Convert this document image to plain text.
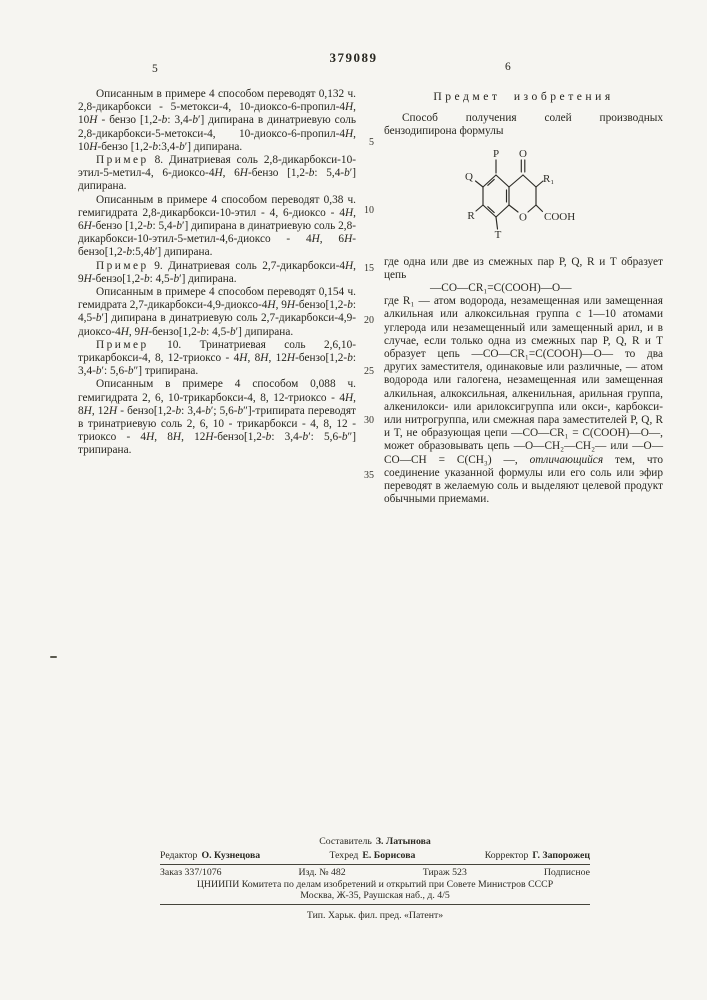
379089
5	6

Описанным в примере 4 способом переводят 0,132 ч. 2,8-дикарбокси - 5-метокси-4, 10-диоксо-6-пропил-4H, 10H - бензо [1,2-b: 3,4-b′] дипирана в динатриевую соль 2,8-дикарбокси-5-метокси-4, 10-диоксо-6-пропил-4H, 10H-бензо [1,2-b:3,4-b′] дипирана.

Пример 8. Динатриевая соль 2,8-дикарбокси-10-этил-5-метил-4, 6-диоксо-4H, 6H-бензо [1,2-b: 5,4-b′] дипирана.

Описанным в примере 4 способом переводят 0,38 ч. гемигидрата 2,8-дикарбокси-10-этил - 4, 6-диоксо - 4H, 6H-бензо [1,2-b: 5,4-b′] дипирана в динатриевую соль 2,8-дикарбокси-10-этил-5-метил-4,6-диоксо - 4H, 6H-бензо[1,2-b:5,4b′] дипирана.

Пример 9. Динатриевая соль 2,7-дикарбокси-4H, 9H-бензо[1,2-b: 4,5-b′] дипирана.

Описанным в примере 4 способом переводят 0,154 ч. гемидрата 2,7-дикарбокси-4,9-диоксо-4H, 9H-бензо[1,2-b: 4,5-b′] дипирана в динатриевую соль 2,7-дикарбокси-4,9-диоксо-4H, 9H-бензо[1,2-b: 4,5-b′] дипирана.

Пример 10. Тринатриевая соль 2,6,10-трикарбокси-4, 8, 12-триоксо - 4H, 8H, 12H-бензо[1,2-b: 3,4-b′: 5,6-b″] трипирана.

Описанным в примере 4 способом 0,088 ч. гемигидрата 2, 6, 10-трикарбокси-4, 8, 12-триоксо - 4H, 8H, 12H - бензо[1,2-b: 3,4-b′; 5,6-b″]-трипирата переводят в тринатриевую соль 2, 6, 10 - трикарбокси - 4, 8, 12 - триоксо - 4H, 8H, 12H-бензо[1,2-b: 3,4-b′: 5,6-b″] трипирана.

5
10
15
20
25
30
35

Предмет изобретения

Способ получения солей производных бензодипирона формулы

P O
Q	R₁
R	O COOH
T

где одна или две из смежных пар P, Q, R и T образует цепь

—CO—CR₁=C(COOH)—O—

где R₁ — атом водорода, незамещенная или замещенная алкильная или алкоксильная группа с 1—10 атомами углерода или незамещенный или замещенный арил, и в случае, если только одна из смежных пар P, Q, R и T образует цепь —CO—CR₁=C(COOH)—O— то два других заместителя, одинаковые или различные, — атом водорода или галогена, незамещенная или замещенная алкильная, алкоксильная, алкенильная, арильная группа, алкенилокси- или арилоксигруппа или окси-, карбокси- или нитрогруппа, или смежная пара заместителей P, Q, R и T, не образующая цепи —CO—CR₁ = C(COOH)—O—, может образовывать цепь —O—CH₂—CH₂— или —O—CO—CH = C(CH₃) —, отличающийся тем, что соединение указанной формулы или его соль или эфир переводят в желаемую соль и выделяют целевой продукт обычными приемами.

Составитель З. Латынова
Редактор О. Кузнецова	Техред Е. Борисова	Корректор Г. Запорожец
Заказ 337/1076	Изд. № 482	Тираж 523	Подписное
ЦНИИПИ Комитета по делам изобретений и открытий при Совете Министров СССР
Москва, Ж-35, Раушская наб., д. 4/5
Тип. Харьк. фил. пред. «Патент»
